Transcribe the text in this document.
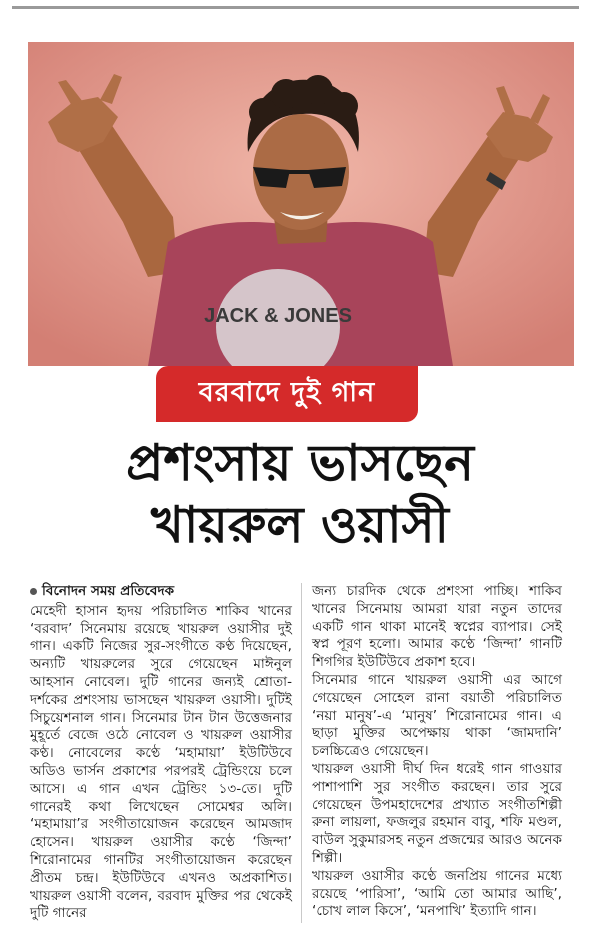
JACK & JONES
বরবাদে দুই গান
প্রশংসায় ভাসছেন
খায়রুল ওয়াসী
বিনোদন সময় প্রতিবেদক

মেহেদী হাসান হৃদয় পরিচালিত শাকিব খানের ‘বরবাদ’ সিনেমায় রয়েছে খায়রুল ওয়াসীর দুই গান। একটি নিজের সুর-সংগীতে কণ্ঠ দিয়েছেন, অন্যটি খায়রুলের সুরে গেয়েছেন মাঈনুল আহসান নোবেল। দুটি গানের জন্যই শ্রোতা-দর্শকের প্রশংসায় ভাসছেন খায়রুল ওয়াসী। দুটিই সিচুয়েশনাল গান। সিনেমার টান টান উত্তেজনার মুহূর্তে বেজে ওঠে নোবেল ও খায়রুল ওয়াসীর কণ্ঠ। নোবেলের কণ্ঠে ‘মহামায়া’ ইউটিউবে অডিও ভার্সন প্রকাশের পরপরই ট্রেন্ডিংয়ে চলে আসে। এ গান এখন ট্রেন্ডিং ১৩-তে। দুটি গানেরই কথা লিখেছেন সোমেশ্বর অলি। ‘মহামায়া’র সংগীতায়োজন করেছেন আমজাদ হোসেন। খায়রুল ওয়াসীর কণ্ঠে ‘জিন্দা’ শিরোনামের গানটির সংগীতায়োজন করেছেন প্রীতম চন্দ্র। ইউটিউবে এখনও অপ্রকাশিত। খায়রুল ওয়াসী বলেন, বরবাদ মুক্তির পর থেকেই দুটি গানের

জন্য চারদিক থেকে প্রশংসা পাচ্ছি। শাকিব খানের সিনেমায় আমরা যারা নতুন তাদের একটি গান থাকা মানেই স্বপ্নের ব্যাপার। সেই স্বপ্ন পূরণ হলো। আমার কণ্ঠে ‘জিন্দা’ গানটি শিগগির ইউটিউবে প্রকাশ হবে।

সিনেমার গানে খায়রুল ওয়াসী এর আগে গেয়েছেন সোহেল রানা বয়াতী পরিচালিত ‘নয়া মানুষ’-এ ‘মানুষ’ শিরোনামের গান। এ ছাড়া মুক্তির অপেক্ষায় থাকা ‘জামদানি’ চলচ্চিত্রেও গেয়েছেন।

খায়রুল ওয়াসী দীর্ঘ দিন ধরেই গান গাওয়ার পাশাপাশি সুর সংগীত করছেন। তার সুরে গেয়েছেন উপমহাদেশের প্রখ্যাত সংগীতশিল্পী রুনা লায়লা, ফজলুর রহমান বাবু, শফি মণ্ডল, বাউল সুকুমারসহ নতুন প্রজন্মের আরও অনেক শিল্পী।

খায়রুল ওয়াসীর কণ্ঠে জনপ্রিয় গানের মধ্যে রয়েছে ‘পারিসা’, ‘আমি তো আমার আছি’, ‘চোখ লাল কিসে’, ‘মনপাখি’ ইত্যাদি গান।
